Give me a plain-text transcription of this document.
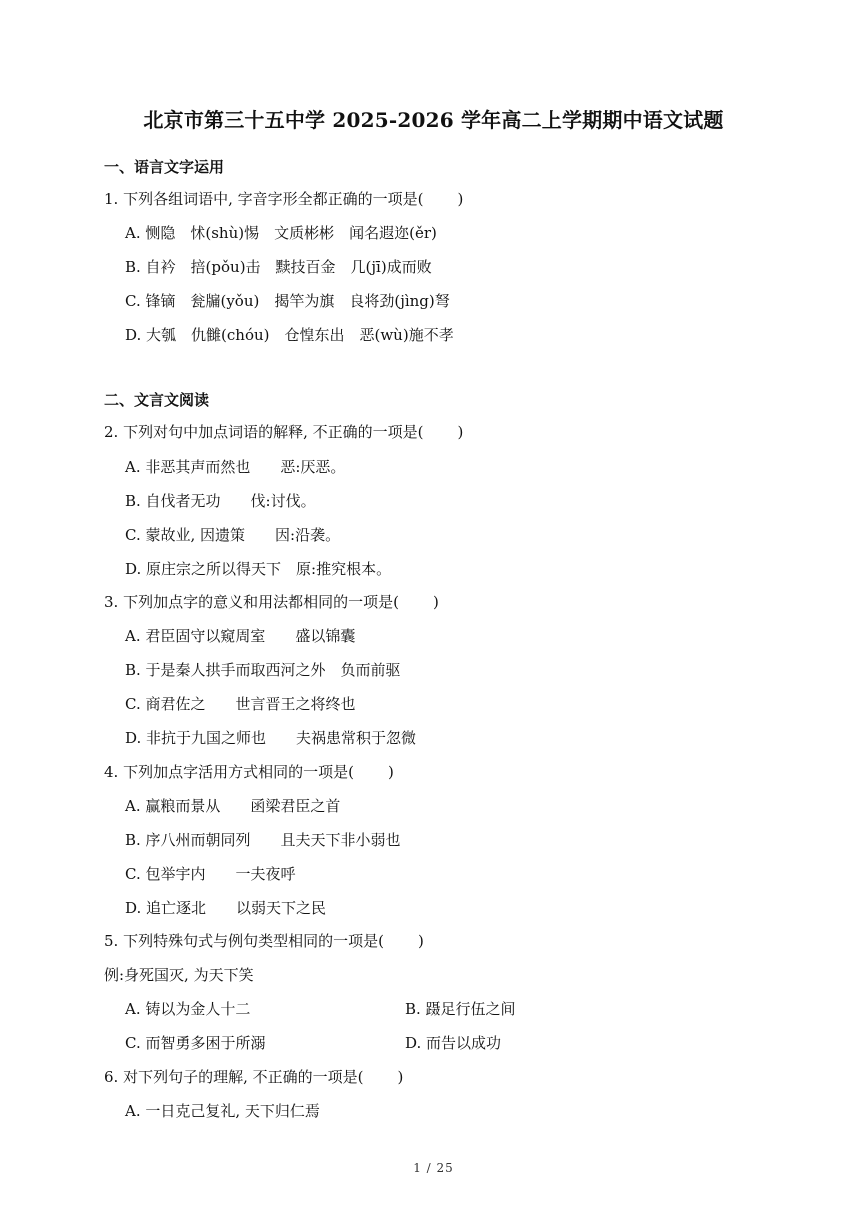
北京市第三十五中学 2025-2026 学年高二上学期期中语文试题
一、语言文字运用
1. 下列各组词语中, 字音字形全都正确的一项是( )
A. 恻隐　怵(shù)惕　文质彬彬　闻名遐迩(ěr)
B. 自衿　掊(pǒu)击　黩技百金　几(jī)成而败
C. 锋镝　瓮牖(yǒu)　揭竿为旗　良将劲(jìng)弩
D. 大瓠　仇雠(chóu)　仓惶东出　恶(wù)施不孝
二、文言文阅读
2. 下列对句中加点词语的解释, 不正确的一项是( )
A. 非恶其声而然也　　恶:厌恶。
B. 自伐者无功　　伐:讨伐。
C. 蒙故业, 因遗策　　因:沿袭。
D. 原庄宗之所以得天下　原:推究根本。
3. 下列加点字的意义和用法都相同的一项是( )
A. 君臣固守以窥周室　　盛以锦囊
B. 于是秦人拱手而取西河之外　负而前驱
C. 商君佐之　　世言晋王之将终也
D. 非抗于九国之师也　　夫祸患常积于忽微
4. 下列加点字活用方式相同的一项是( )
A. 赢粮而景从　　函梁君臣之首
B. 序八州而朝同列　　且夫天下非小弱也
C. 包举宇内　　一夫夜呼
D. 追亡逐北　　以弱天下之民
5. 下列特殊句式与例句类型相同的一项是( )
例:身死国灭, 为天下笑
A. 铸以为金人十二	B. 蹑足行伍之间
C. 而智勇多困于所溺	D. 而告以成功
6. 对下列句子的理解, 不正确的一项是( )
A. 一日克己复礼, 天下归仁焉
1 / 25
